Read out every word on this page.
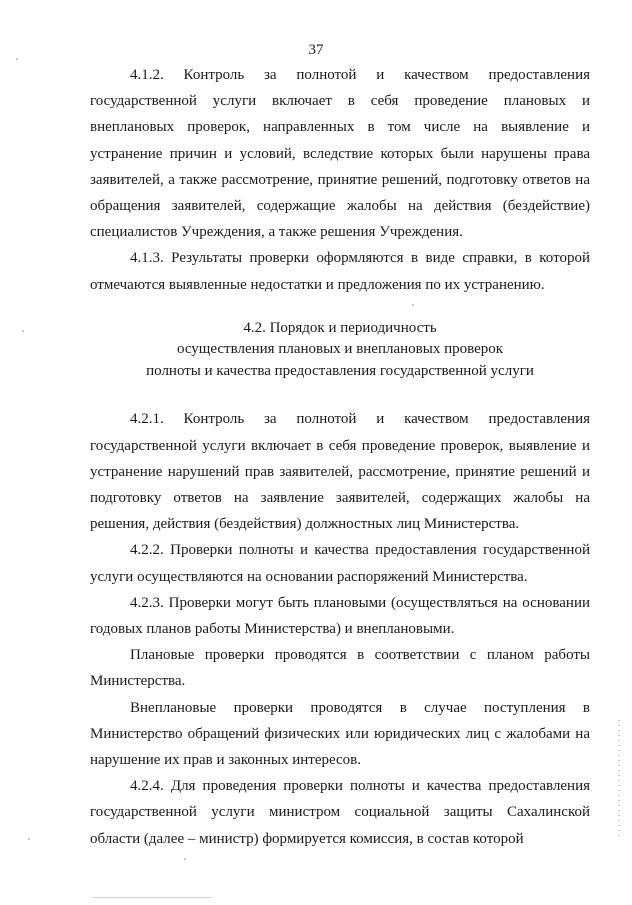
37

4.1.2. Контроль за полнотой и качеством предоставления государственной услуги включает в себя проведение плановых и внеплановых проверок, направленных в том числе на выявление и устранение причин и условий, вследствие которых были нарушены права заявителей, а также рассмотрение, принятие решений, подготовку ответов на обращения заявителей, содержащие жалобы на действия (бездействие) специалистов Учреждения, а также решения Учреждения.

4.1.3. Результаты проверки оформляются в виде справки, в которой отмечаются выявленные недостатки и предложения по их устранению.

4.2. Порядок и периодичность
осуществления плановых и внеплановых проверок
полноты и качества предоставления государственной услуги

4.2.1. Контроль за полнотой и качеством предоставления государственной услуги включает в себя проведение проверок, выявление и устранение нарушений прав заявителей, рассмотрение, принятие решений и подготовку ответов на заявление заявителей, содержащих жалобы на решения, действия (бездействия) должностных лиц Министерства.

4.2.2. Проверки полноты и качества предоставления государственной услуги осуществляются на основании распоряжений Министерства.

4.2.3. Проверки могут быть плановыми (осуществляться на основании годовых планов работы Министерства) и внеплановыми.

Плановые проверки проводятся в соответствии с планом работы Министерства.

Внеплановые проверки проводятся в случае поступления в Министерство обращений физических или юридических лиц с жалобами на нарушение их прав и законных интересов.

4.2.4. Для проведения проверки полноты и качества предоставления государственной услуги министром социальной защиты Сахалинской области (далее – министр) формируется комиссия, в состав которой
